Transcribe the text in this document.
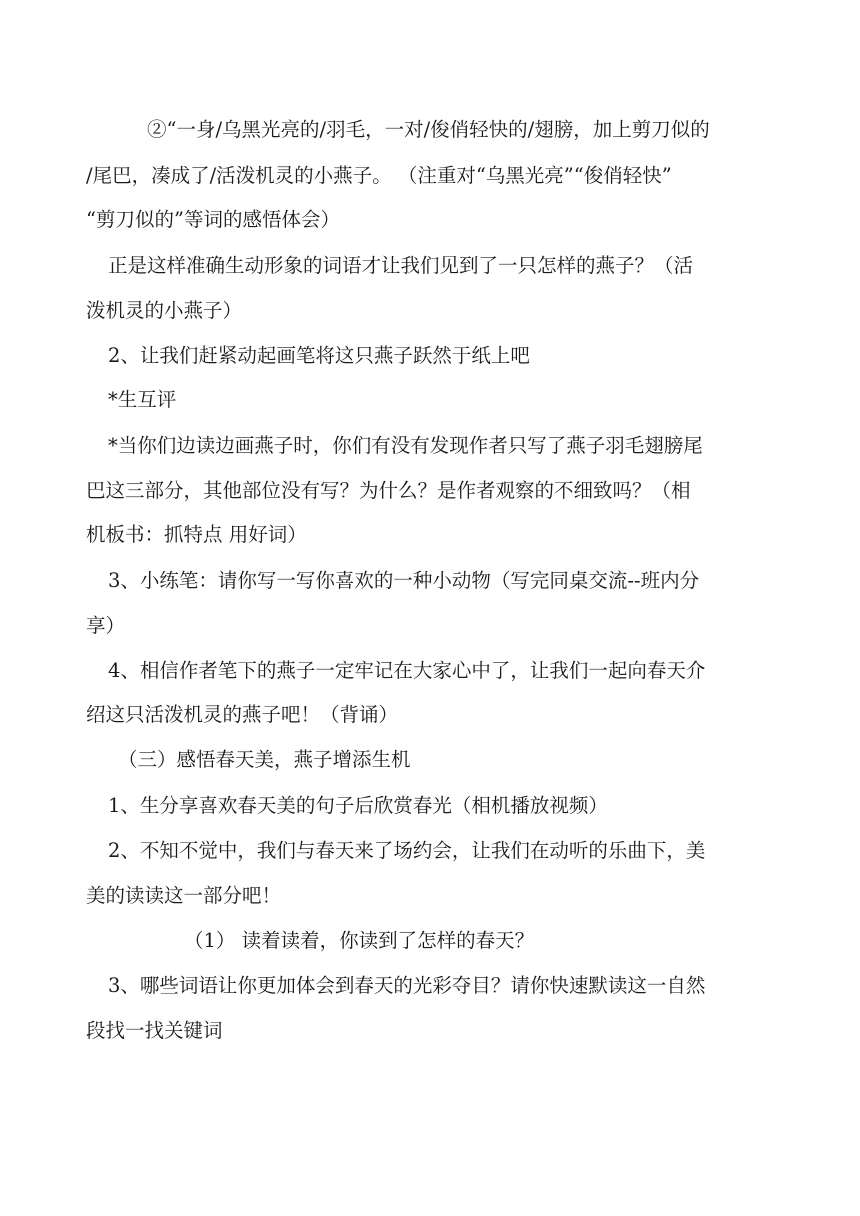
②“一身/乌黑光亮的/羽毛，一对/俊俏轻快的/翅膀，加上剪刀似的
/尾巴，凑成了/活泼机灵的小燕子。 （注重对“乌黑光亮”“俊俏轻快”
“剪刀似的”等词的感悟体会）
正是这样准确生动形象的词语才让我们见到了一只怎样的燕子？（活
泼机灵的小燕子）
2、让我们赶紧动起画笔将这只燕子跃然于纸上吧
*生互评
*当你们边读边画燕子时，你们有没有发现作者只写了燕子羽毛翅膀尾
巴这三部分，其他部位没有写？为什么？是作者观察的不细致吗？（相
机板书：抓特点 用好词）
3、小练笔：请你写一写你喜欢的一种小动物（写完同桌交流--班内分
享）
4、相信作者笔下的燕子一定牢记在大家心中了，让我们一起向春天介
绍这只活泼机灵的燕子吧！（背诵）
（三）感悟春天美，燕子增添生机
1、生分享喜欢春天美的句子后欣赏春光（相机播放视频）
2、不知不觉中，我们与春天来了场约会，让我们在动听的乐曲下，美
美的读读这一部分吧！
（1） 读着读着，你读到了怎样的春天？
3、哪些词语让你更加体会到春天的光彩夺目？请你快速默读这一自然
段找一找关键词
